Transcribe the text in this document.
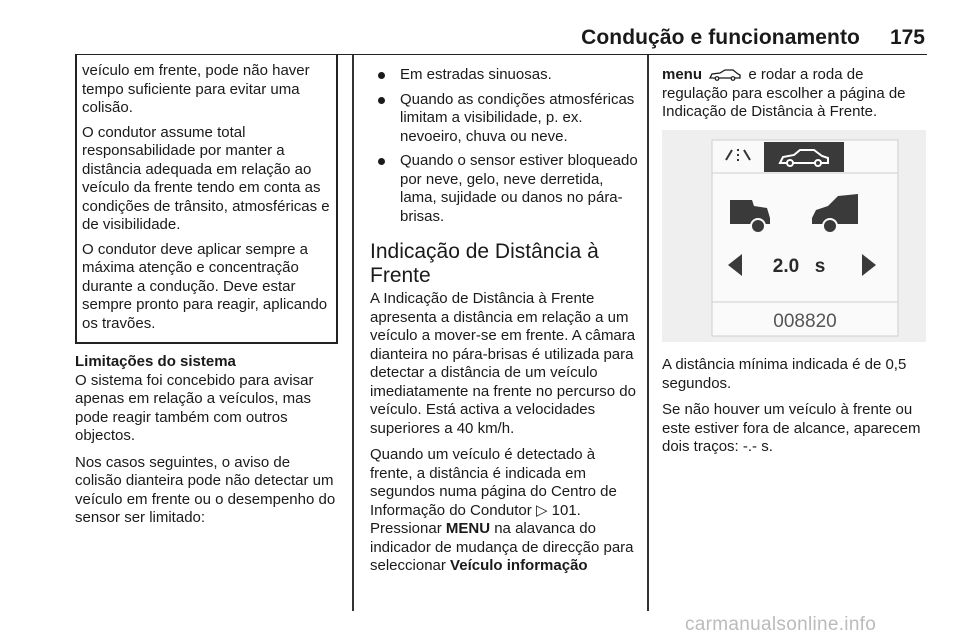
Condução e funcionamento	175

veículo em frente, pode não haver tempo suficiente para evitar uma colisão.

O condutor assume total responsabilidade por manter a distância adequada em relação ao veículo da frente tendo em conta as condições de trânsito, atmosféricas e de visibilidade.

O condutor deve aplicar sempre a máxima atenção e concentração durante a condução. Deve estar sempre pronto para reagir, aplicando os travões.

Limitações do sistema

O sistema foi concebido para avisar apenas em relação a veículos, mas pode reagir também com outros objectos.

Nos casos seguintes, o aviso de colisão dianteira pode não detectar um veículo em frente ou o desempenho do sensor ser limitado:

Em estradas sinuosas.
Quando as condições atmosféricas limitam a visibilidade, p. ex. nevoeiro, chuva ou neve.
Quando o sensor estiver bloqueado por neve, gelo, neve derretida, lama, sujidade ou danos no pára-brisas.
Indicação de Distância à Frente

A Indicação de Distância à Frente apresenta a distância em relação a um veículo a mover-se em frente. A câmara dianteira no pára-brisas é utilizada para detectar a distância de um veículo imediatamente na frente no percurso do veículo. Está activa a velocidades superiores a 40 km/h.

Quando um veículo é detectado à frente, a distância é indicada em segundos numa página do Centro de Informação do Condutor ▷ 101. Pressionar MENU na alavanca do indicador de mudança de direcção para seleccionar Veículo informação

menu	e rodar a roda de regulação para escolher a página de Indicação de Distância à Frente.

2.0 s
008820

A distância mínima indicada é de 0,5 segundos.

Se não houver um veículo à frente ou este estiver fora de alcance, aparecem dois traços: -.- s.

carmanualsonline.info
